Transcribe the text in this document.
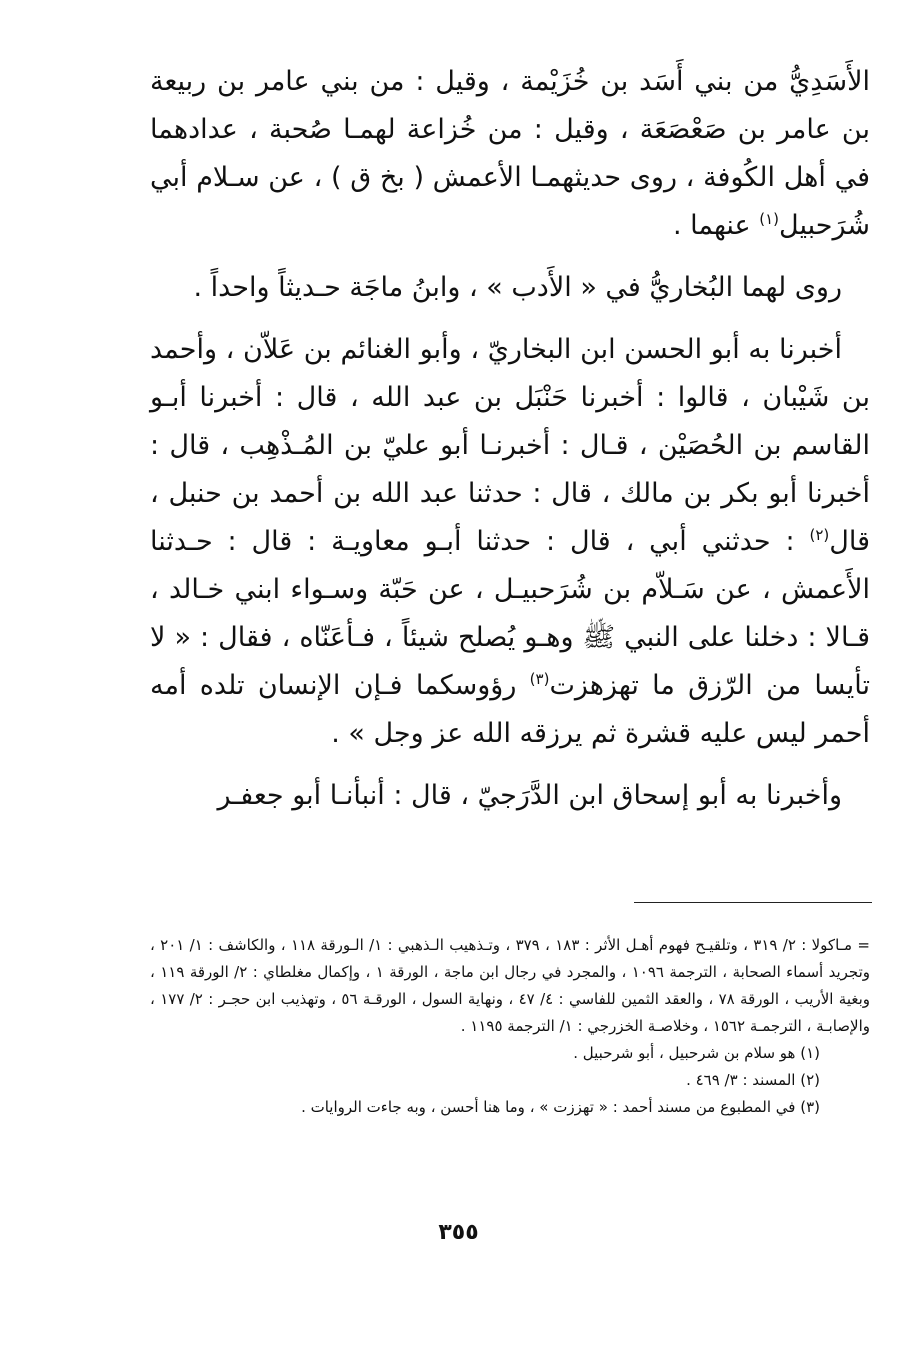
الأَسَدِيُّ من بني أَسَد بن خُزَيْمة ، وقيل : من بني عامر بن ربيعة بن عامر بن صَعْصَعَة ، وقيل : من خُزاعة لهمـا صُحبة ، عدادهما في أهل الكُوفة ، روى حديثهمـا الأعمش ( بخ ق ) ، عن سـلام أبي شُرَحبيل$^{(١)}$ عنهما .

روى لهما البُخاريُّ في « الأَدب » ، وابنُ ماجَة حـديثاً واحداً .

أخبرنا به أبو الحسن ابن البخاريّ ، وأبو الغنائم بن عَلاّن ، وأحمد بن شَيْبان ، قالوا : أخبرنا حَنْبَل بن عبد الله ، قال : أخبرنا أبـو القاسم بن الحُصَيْن ، قـال : أخبرنـا أبو عليّ بن المُـذْهِب ، قال : أخبرنا أبو بكر بن مالك ، قال : حدثنا عبد الله بن أحمد بن حنبل ، قال$^{(٢)}$ : حدثني أبي ، قال : حدثنا أبـو معاويـة : قال : حـدثنا الأَعمش ، عن سَـلاّم بن شُرَحبيـل ، عن حَبّة وسـواء ابني خـالد ، قـالا : دخلنا على النبي ﷺ وهـو يُصلح شيئاً ، فـأعَنّاه ، فقال : « لا تأيسا من الرّزق ما تهزهزت$^{(٣)}$ رؤوسكما فـإن الإنسان تلده أمه أحمر ليس عليه قشرة ثم يرزقه الله عز وجل » .

وأخبرنا به أبو إسحاق ابن الدَّرَجيّ ، قال : أنبأنـا أبو جعفـر

= مـاكولا : ٢/ ٣١٩ ، وتلقيـح فهوم أهـل الأثر : ١٨٣ ، ٣٧٩ ، وتـذهيب الـذهبي : ١/ الـورقة ١١٨ ، والكاشف : ١/ ٢٠١ ، وتجريد أسماء الصحابة ، الترجمة ١٠٩٦ ، والمجرد في رجال ابن ماجة ، الورقة ١ ، وإكمال مغلطاي : ٢/ الورقة ١١٩ ، وبغية الأريب ، الورقة ٧٨ ، والعقد الثمين للفاسي : ٤/ ٤٧ ، ونهاية السول ، الورقـة ٥٦ ، وتهذيب ابن حجـر : ٢/ ١٧٧ ، والإصابـة ، الترجمـة ١٥٦٢ ، وخلاصـة الخزرجي : ١/ الترجمة ١١٩٥ .

(١) هو سلام بن شرحبيل ، أبو شرحبيل .

(٢) المسند : ٣/ ٤٦٩ .

(٣) في المطبوع من مسند أحمد : « تهززت » ، وما هنا أحسن ، وبه جاءت الروايات .

٣٥٥
